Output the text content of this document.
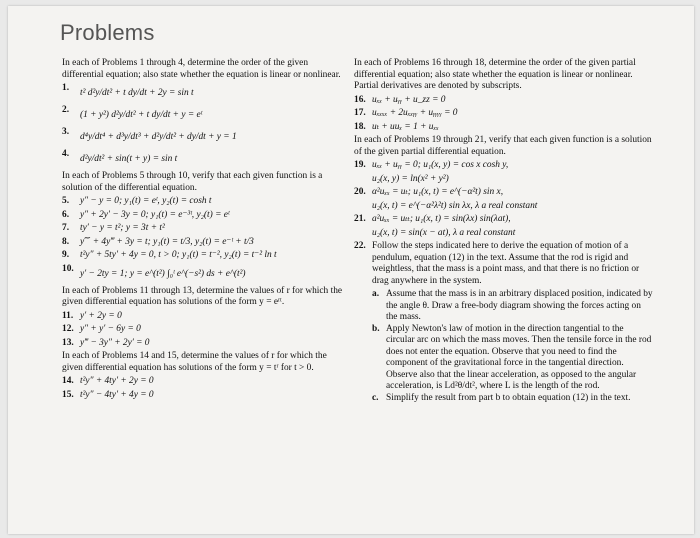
Problems

In each of Problems 1 through 4, determine the order of the given differential equation; also state whether the equation is linear or nonlinear.

1.	t² d²y/dt² + t dy/dt + 2y = sin t
2.	(1 + y²) d²y/dt² + t dy/dt + y = eᵗ
3.	d⁴y/dt⁴ + d³y/dt³ + d²y/dt² + dy/dt + y = 1
4.	d²y/dt² + sin(t + y) = sin t

In each of Problems 5 through 10, verify that each given function is a solution of the differential equation.

5.	y″ − y = 0; y₁(t) = eᵗ, y₂(t) = cosh t
6.	y″ + 2y′ − 3y = 0; y₁(t) = e⁻³ᵗ, y₂(t) = eᵗ
7.	ty′ − y = t²; y = 3t + t²
8.	y⁗ + 4y‴ + 3y = t; y₁(t) = t/3, y₂(t) = e⁻ᵗ + t/3
9.	t²y″ + 5ty′ + 4y = 0, t > 0; y₁(t) = t⁻², y₂(t) = t⁻² ln t
10. y′ − 2ty = 1; y = e^(t²) ∫₀ᵗ e^(−s²) ds + e^(t²)

In each of Problems 11 through 13, determine the values of r for which the given differential equation has solutions of the form y = eʳᵗ.

11. y′ + 2y = 0
12. y″ + y′ − 6y = 0
13. y‴ − 3y″ + 2y′ = 0

In each of Problems 14 and 15, determine the values of r for which the given differential equation has solutions of the form y = tʳ for t > 0.

14. t²y″ + 4ty′ + 2y = 0
15. t²y″ − 4ty′ + 4y = 0

In each of Problems 16 through 18, determine the order of the given partial differential equation; also state whether the equation is linear or nonlinear. Partial derivatives are denoted by subscripts.

16. uₓₓ + uᵧᵧ + u_zz = 0
17. uₓₓₓₓ + 2uₓₓᵧᵧ + uᵧᵧᵧᵧ = 0
18. uₜ + uuₓ = 1 + uₓₓ

In each of Problems 19 through 21, verify that each given function is a solution of the given partial differential equation.

19. uₓₓ + uᵧᵧ = 0; u₁(x, y) = cos x cosh y,
u₂(x, y) = ln(x² + y²)
20. α²uₓₓ = uₜ; u₁(x, t) = e^(−α²t) sin x,
u₂(x, t) = e^(−α²λ²t) sin λx, λ a real constant
21. a²uₓₓ = uₜₜ; u₁(x, t) = sin(λx) sin(λat),
u₂(x, t) = sin(x − at), λ a real constant
22. Follow the steps indicated here to derive the equation of motion of a pendulum, equation (12) in the text. Assume that the rod is rigid and weightless, that the mass is a point mass, and that there is no friction or drag anywhere in the system.
a. Assume that the mass is in an arbitrary displaced position, indicated by the angle θ. Draw a free-body diagram showing the forces acting on the mass.
b. Apply Newton's law of motion in the direction tangential to the circular arc on which the mass moves. Then the tensile force in the rod does not enter the equation. Observe that you need to find the component of the gravitational force in the tangential direction. Observe also that the linear acceleration, as opposed to the angular acceleration, is Ld²θ/dt², where L is the length of the rod.
c. Simplify the result from part b to obtain equation (12) in the text.
